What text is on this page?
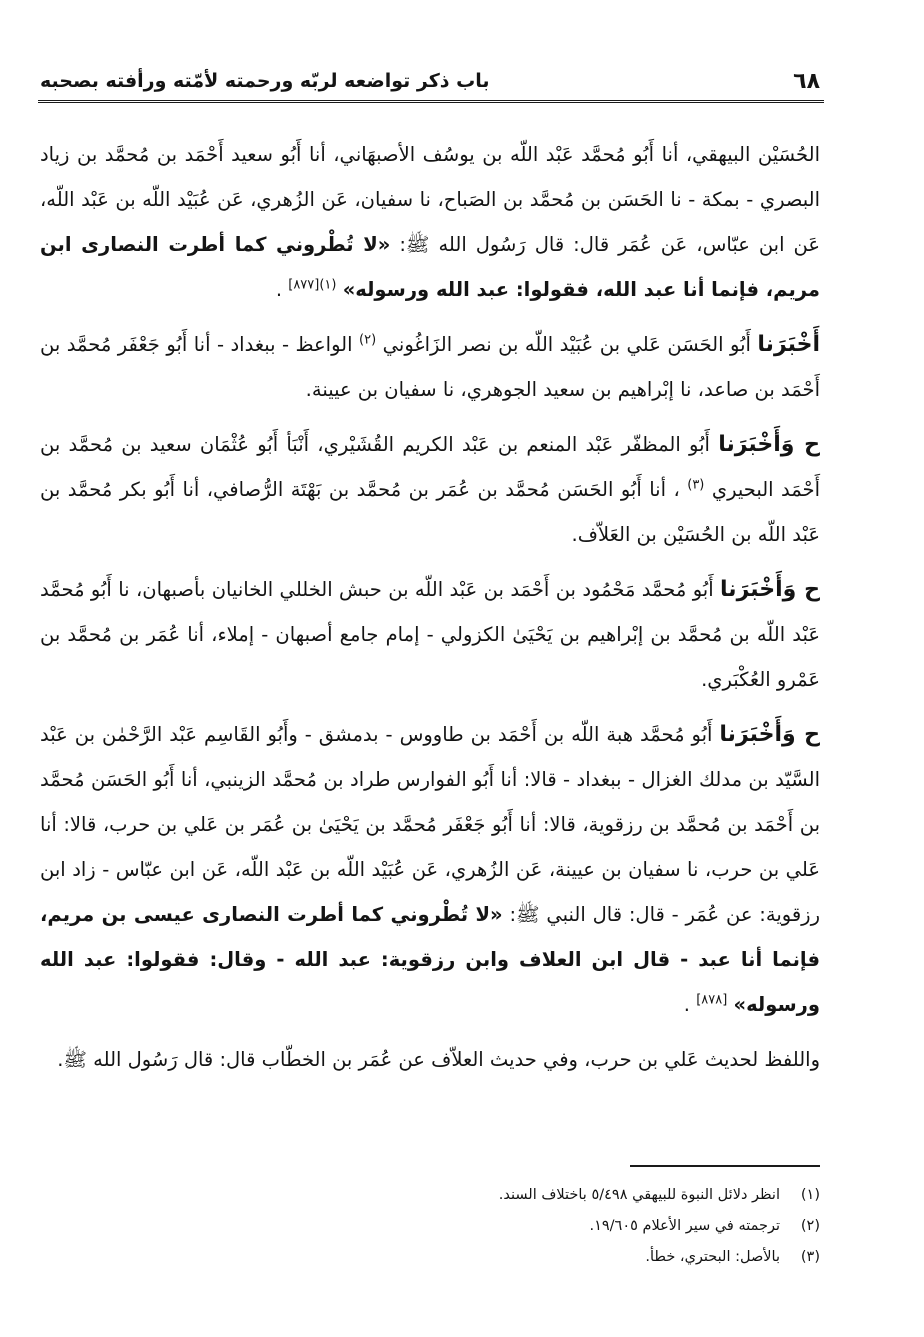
٦٨
باب ذكر تواضعه لربّه ورحمته لأمّته ورأفته بصحبه

الحُسَيْن البيهقي، أنا أَبُو مُحمَّد عَبْد اللّه بن يوسُف الأصبهَاني، أنا أَبُو سعيد أَحْمَد بن مُحمَّد بن زياد البصري - بمكة - نا الحَسَن بن مُحمَّد بن الصَباح، نا سفيان، عَن الزُهري، عَن عُبَيْد اللّه بن عَبْد اللّه، عَن ابن عبّاس، عَن عُمَر قال: قال رَسُول الله ﷺ: «لا تُطْروني كما أطرت النصارى ابن مريم، فإنما أنا عبد الله، فقولوا: عبد الله ورسوله» $^{(١)[٨٧٧]}$ .

أَخْبَرَنا أَبُو الحَسَن عَلي بن عُبَيْد اللّه بن نصر الزَاغُوني $^{(٢)}$ الواعظ - ببغداد - أنا أَبُو جَعْفَر مُحمَّد بن أَحْمَد بن صاعد، نا إبْراهيم بن سعيد الجوهري، نا سفيان بن عيينة.

ح وَأَخْبَرَنا أَبُو المظفّر عَبْد المنعم بن عَبْد الكريم القُشَيْري، أَنْبَأ أَبُو عُثْمَان سعيد بن مُحمَّد بن أَحْمَد البحيري $^{(٣)}$ ، أنا أَبُو الحَسَن مُحمَّد بن عُمَر بن مُحمَّد بن بَهْتَة الرُّصافي، أنا أَبُو بكر مُحمَّد بن عَبْد اللّه بن الحُسَيْن بن العَلاّف.

ح وَأَخْبَرَنا أَبُو مُحمَّد مَحْمُود بن أَحْمَد بن عَبْد اللّه بن حبش الخللي الخانيان بأصبهان، نا أَبُو مُحمَّد عَبْد اللّه بن مُحمَّد بن إبْراهيم بن يَحْيَىٰ الكزولي - إمام جامع أصبهان - إملاء، أنا عُمَر بن مُحمَّد بن عَمْرو العُكْبَري.

ح وَأَخْبَرَنا أَبُو مُحمَّد هبة اللّه بن أَحْمَد بن طاووس - بدمشق - وأَبُو القَاسِم عَبْد الرَّحْمٰن بن عَبْد السَّيّد بن مدلك الغزال - ببغداد - قالا: أنا أَبُو الفوارس طراد بن مُحمَّد الزينبي، أنا أَبُو الحَسَن مُحمَّد بن أَحْمَد بن مُحمَّد بن رزقوية، قالا: أنا أَبُو جَعْفَر مُحمَّد بن يَحْيَىٰ بن عُمَر بن عَلي بن حرب، قالا: أنا عَلي بن حرب، نا سفيان بن عيينة، عَن الزُهري، عَن عُبَيْد اللّه بن عَبْد اللّه، عَن ابن عبّاس - زاد ابن رزقوية: عن عُمَر - قال: قال النبي ﷺ: «لا تُطْروني كما أطرت النصارى عيسى بن مريم، فإنما أنا عبد - قال ابن العلاف وابن رزقوية: عبد الله - وقال: فقولوا: عبد الله ورسوله» [٨٧٨] .

واللفظ لحديث عَلي بن حرب، وفي حديث العلاّف عن عُمَر بن الخطّاب قال: قال رَسُول الله ﷺ.

(١)
انظر دلائل النبوة للبيهقي ٥/٤٩٨ باختلاف السند.
(٢)
ترجمته في سير الأعلام ١٩/٦٠٥.
(٣)
بالأصل: البحتري، خطأ.
